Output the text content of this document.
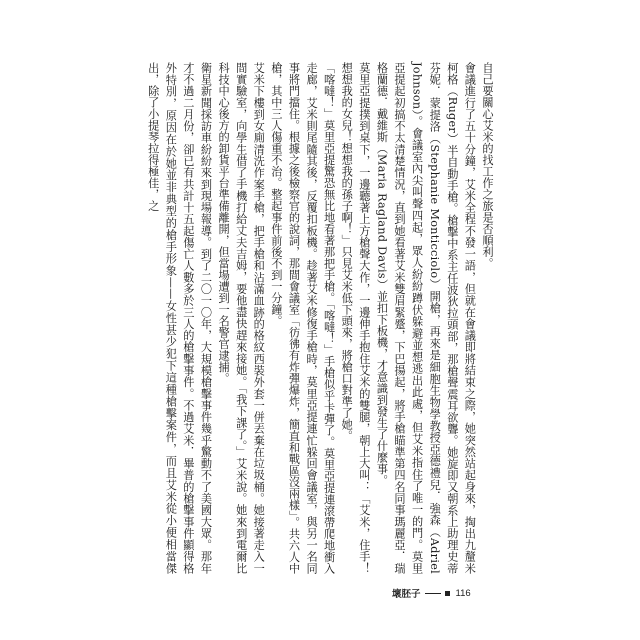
自己要關心艾米的找工作之旅是否順利。

會議進行了五十分鐘，艾米全程不發一語，但就在會議即將結束之際，她突然站起身來，掏出九釐米柯格（Ruger）半自動手槍。槍擊中系主任波狄拉頭部，那槍聲震耳欲聾。她旋即又朝系上助理史蒂芬妮．蒙提洛（Stephanie Monticciolo）開槍，再來是細胞生物學教授亞德禮兒．強森（Adriel Johnson）。會議室內尖叫聲四起，眾人紛紛蹲伏躲避並想逃出此處，但艾米指住了唯一的門。莫里亞提起初搞不太清楚情況，直到她看著艾米雙眉緊蹙，下巴揚起，將手槍瞄準第四名同事瑪麗亞．瑞格蘭德．戴維斯（Maria Ragland Davis）並扣下板機，才意識到發生了什麼事。

莫里亞提撲到桌下，一邊聽著上方槍聲大作，一邊伸手抱住艾米的雙腿，朝上大叫：「艾米，住手！想想我的女兒！想想我的孫子啊！」只見艾米低下頭來，將槍口對準了她。

「喀噠！」莫里亞提驚恐無比地看著那把手槍。「喀噠！」手槍似乎卡彈了。莫里亞提連滾帶爬地衝入走廊，艾米則尾隨其後，反覆扣板機。趁著艾米修復手槍時，莫里亞提連忙躲回會議室，與另一名同事將門擋住。根據之後檢察官的說詞，那間會議室「彷彿有炸彈爆炸，簡直和戰區沒兩樣」。共六人中槍，其中三人傷重不治。整起事件前後不到一分鐘。

艾米下樓到女廁清洗作案手槍，把手槍和沾滿血跡的格紋西裝外套一併丟棄在垃圾桶。她接著走入一間實驗室，向學生借了手機打給丈夫吉姆，要他盡快趕來接她。「我下課了。」艾米說。她來到電爾比科技中心後方的卸貨平台準備離開，但當場遭到一名警官逮捕。

衛星新聞採訪車紛紛來到現場報導。到了二〇一〇年，大規模槍擊事件幾乎驚動不了美國大眾。那年才不過二月份，卻已有共計十五起傷亡人數多於三人的槍擊事件。不過艾米．畢普的槍擊事件顯得格外特別，原因在於她並非典型的槍手形象——女性甚少犯下這種槍擊案件，而且艾米從小便相當傑出，除了小提琴拉得極佳，之

壞胚子	116
